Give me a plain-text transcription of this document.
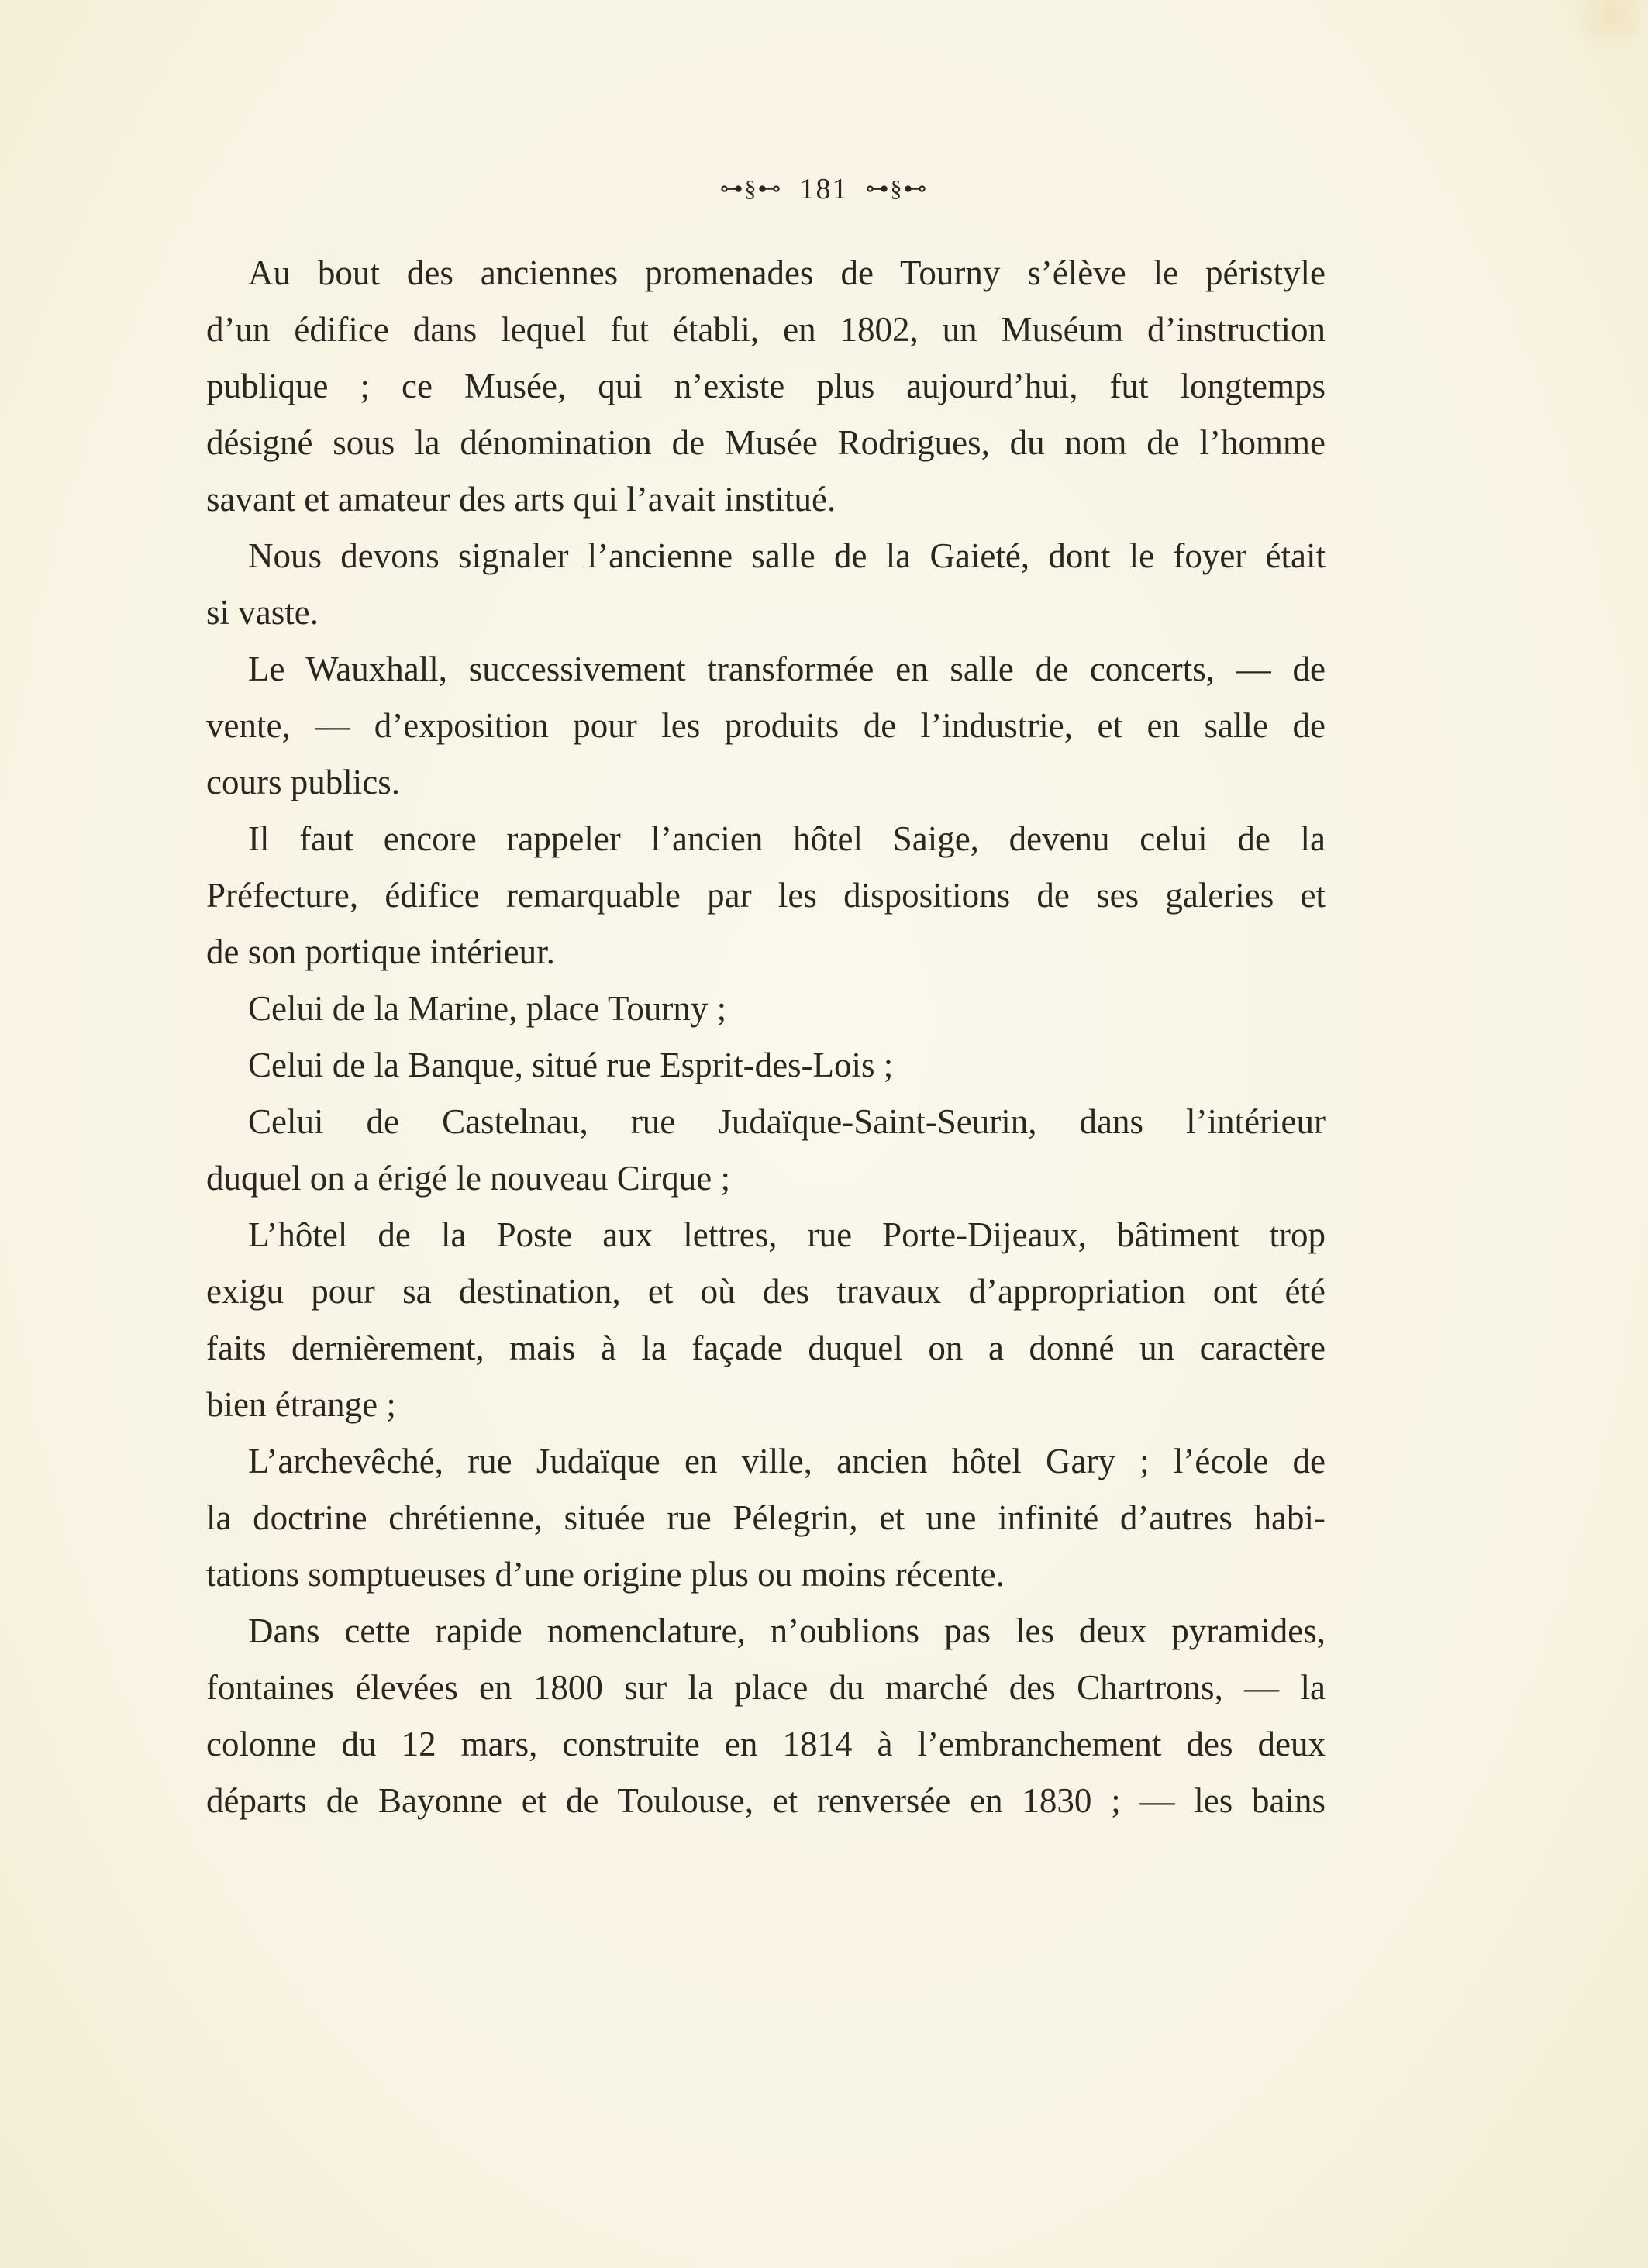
⊶§⊷ 181 ⊶§⊷
Au bout des anciennes promenades de Tourny s’élève le péristyle
d’un édifice dans lequel fut établi, en 1802, un Muséum d’instruction
publique ; ce Musée, qui n’existe plus aujourd’hui, fut longtemps
désigné sous la dénomination de Musée Rodrigues, du nom de l’homme
savant et amateur des arts qui l’avait institué.
Nous devons signaler l’ancienne salle de la Gaieté, dont le foyer était
si vaste.
Le Wauxhall, successivement transformée en salle de concerts, — de
vente, — d’exposition pour les produits de l’industrie, et en salle de
cours publics.
Il faut encore rappeler l’ancien hôtel Saige, devenu celui de la
Préfecture, édifice remarquable par les dispositions de ses galeries et
de son portique intérieur.
Celui de la Marine, place Tourny ;
Celui de la Banque, situé rue Esprit-des-Lois ;
Celui de Castelnau, rue Judaïque-Saint-Seurin, dans l’intérieur
duquel on a érigé le nouveau Cirque ;
L’hôtel de la Poste aux lettres, rue Porte-Dijeaux, bâtiment trop
exigu pour sa destination, et où des travaux d’appropriation ont été
faits dernièrement, mais à la façade duquel on a donné un caractère
bien étrange ;
L’archevêché, rue Judaïque en ville, ancien hôtel Gary ; l’école de
la doctrine chrétienne, située rue Pélegrin, et une infinité d’autres habi-
tations somptueuses d’une origine plus ou moins récente.
Dans cette rapide nomenclature, n’oublions pas les deux pyramides,
fontaines élevées en 1800 sur la place du marché des Chartrons, — la
colonne du 12 mars, construite en 1814 à l’embranchement des deux
départs de Bayonne et de Toulouse, et renversée en 1830 ; — les bains
